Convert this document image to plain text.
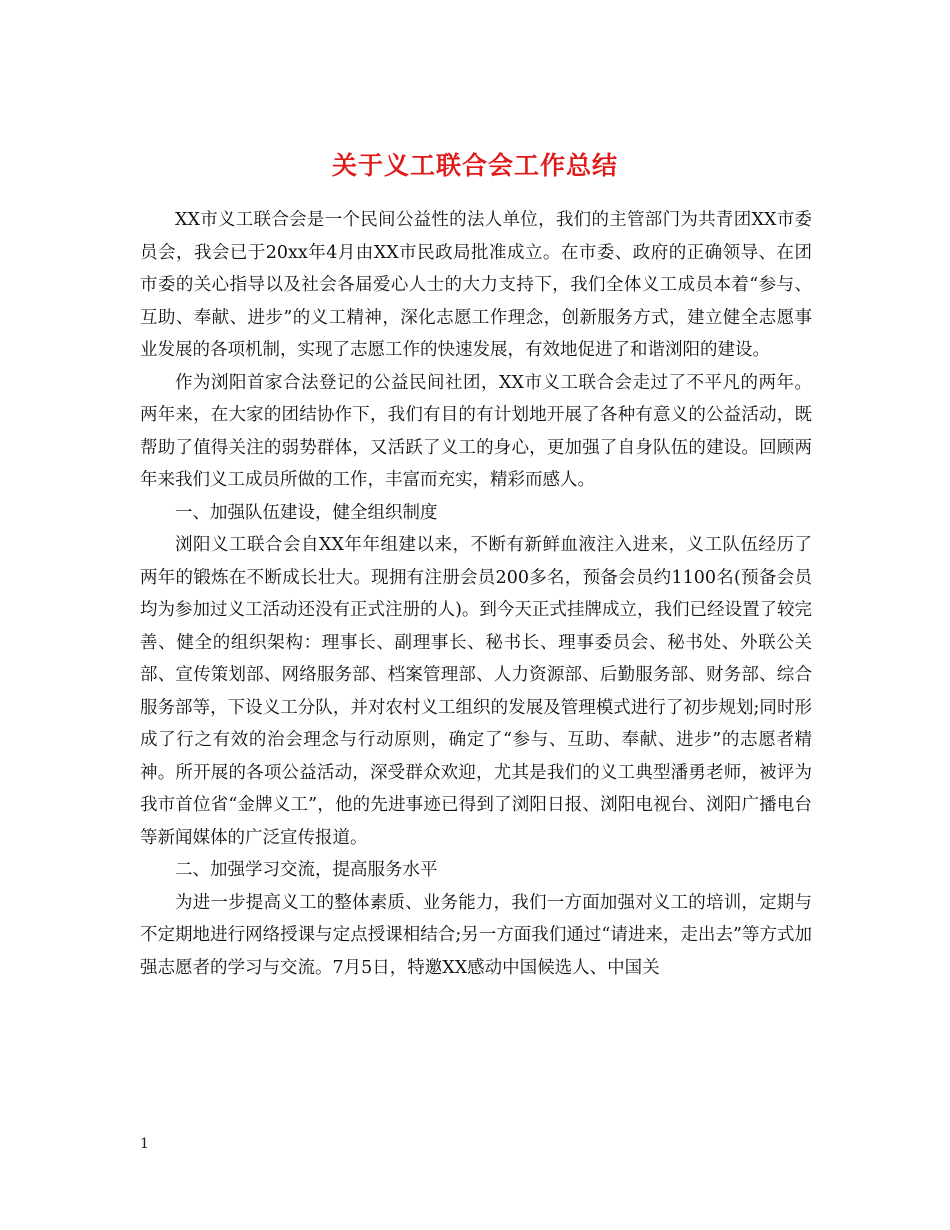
关于义工联合会工作总结

XX市义工联合会是一个民间公益性的法人单位，我们的主管部门为共青团XX市委员会，我会已于20xx年4月由XX市民政局批准成立。在市委、政府的正确领导、在团市委的关心指导以及社会各届爱心人士的大力支持下，我们全体义工成员本着“参与、互助、奉献、进步”的义工精神，深化志愿工作理念，创新服务方式，建立健全志愿事业发展的各项机制，实现了志愿工作的快速发展，有效地促进了和谐浏阳的建设。

作为浏阳首家合法登记的公益民间社团，XX市义工联合会走过了不平凡的两年。两年来，在大家的团结协作下，我们有目的有计划地开展了各种有意义的公益活动，既帮助了值得关注的弱势群体，又活跃了义工的身心，更加强了自身队伍的建设。回顾两年来我们义工成员所做的工作，丰富而充实，精彩而感人。

一、加强队伍建设，健全组织制度

浏阳义工联合会自XX年年组建以来，不断有新鲜血液注入进来，义工队伍经历了两年的锻炼在不断成长壮大。现拥有注册会员200多名，预备会员约1100名(预备会员均为参加过义工活动还没有正式注册的人)。到今天正式挂牌成立，我们已经设置了较完善、健全的组织架构：理事长、副理事长、秘书长、理事委员会、秘书处、外联公关部、宣传策划部、网络服务部、档案管理部、人力资源部、后勤服务部、财务部、综合服务部等，下设义工分队，并对农村义工组织的发展及管理模式进行了初步规划;同时形成了行之有效的治会理念与行动原则，确定了“参与、互助、奉献、进步”的志愿者精神。所开展的各项公益活动，深受群众欢迎，尤其是我们的义工典型潘勇老师，被评为我市首位省“金牌义工”，他的先进事迹已得到了浏阳日报、浏阳电视台、浏阳广播电台等新闻媒体的广泛宣传报道。

二、加强学习交流，提高服务水平

为进一步提高义工的整体素质、业务能力，我们一方面加强对义工的培训，定期与不定期地进行网络授课与定点授课相结合;另一方面我们通过“请进来，走出去”等方式加强志愿者的学习与交流。7月5日，特邀XX感动中国候选人、中国关

1
